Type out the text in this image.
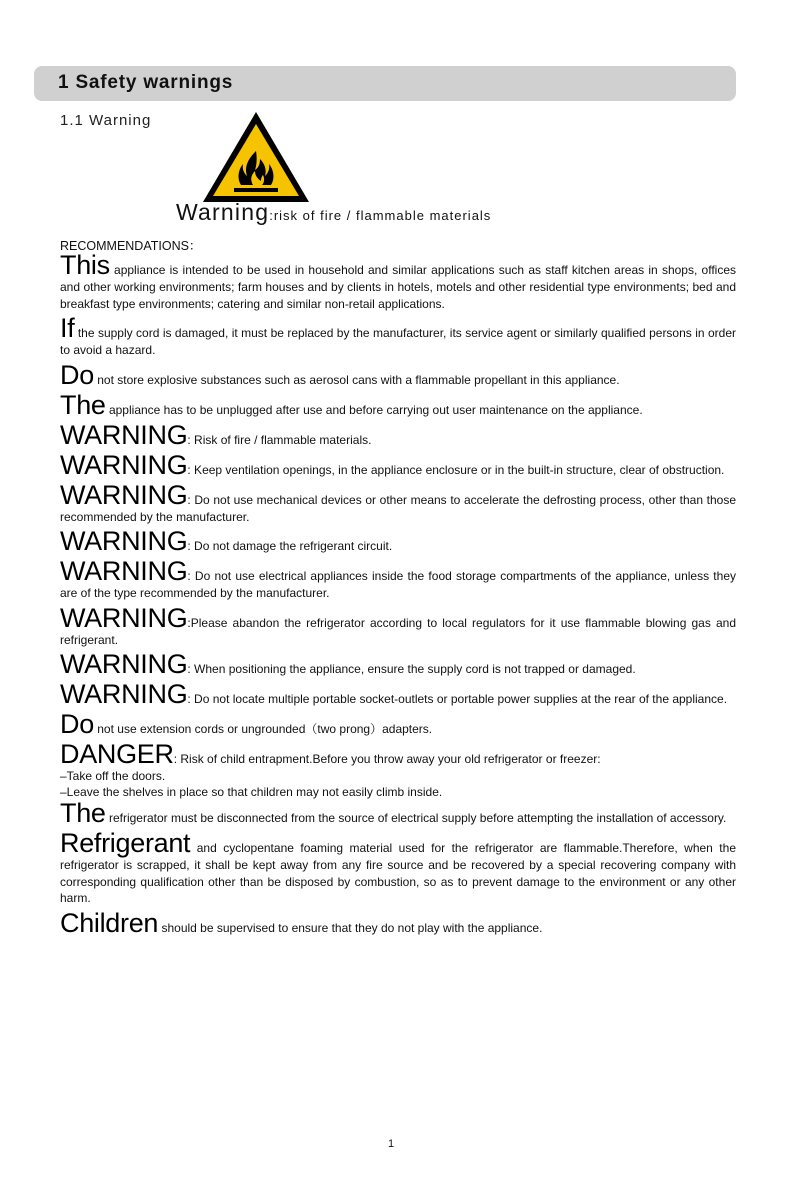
1 Safety warnings
1.1 Warning
Warning:risk of fire / flammable materials
RECOMMENDATIONS：

This appliance is intended to be used in household and similar applications such as staff kitchen areas in shops, offices and other working environments; farm houses and by clients in hotels, motels and other residential type environments; bed and breakfast type environments; catering and similar non-retail applications.

If the supply cord is damaged, it must be replaced by the manufacturer, its service agent or similarly qualified persons in order to avoid a hazard.

Do not store explosive substances such as aerosol cans with a flammable propellant in this appliance.

The appliance has to be unplugged after use and before carrying out user maintenance on the appliance.

WARNING: Risk of fire / flammable materials.

WARNING: Keep ventilation openings, in the appliance enclosure or in the built-in structure, clear of obstruction.

WARNING: Do not use mechanical devices or other means to accelerate the defrosting process, other than those recommended by the manufacturer.

WARNING: Do not damage the refrigerant circuit.

WARNING: Do not use electrical appliances inside the food storage compartments of the appliance, unless they are of the type recommended by the manufacturer.

WARNING:Please abandon the refrigerator according to local regulators for it use flammable blowing gas and refrigerant.

WARNING: When positioning the appliance, ensure the supply cord is not trapped or damaged.

WARNING: Do not locate multiple portable socket-outlets or portable power supplies at the rear of the appliance.

Do not use extension cords or ungrounded（two prong）adapters.

DANGER: Risk of child entrapment.Before you throw away your old refrigerator or freezer:

–Take off the doors.

–Leave the shelves in place so that children may not easily climb inside.

The refrigerator must be disconnected from the source of electrical supply before attempting the installation of accessory.

Refrigerant and cyclopentane foaming material used for the refrigerator are flammable.Therefore, when the refrigerator is scrapped, it shall be kept away from any fire source and be recovered by a special recovering company with corresponding qualification other than be disposed by combustion, so as to prevent damage to the environment or any other harm.

Children should be supervised to ensure that they do not play with the appliance.

1
